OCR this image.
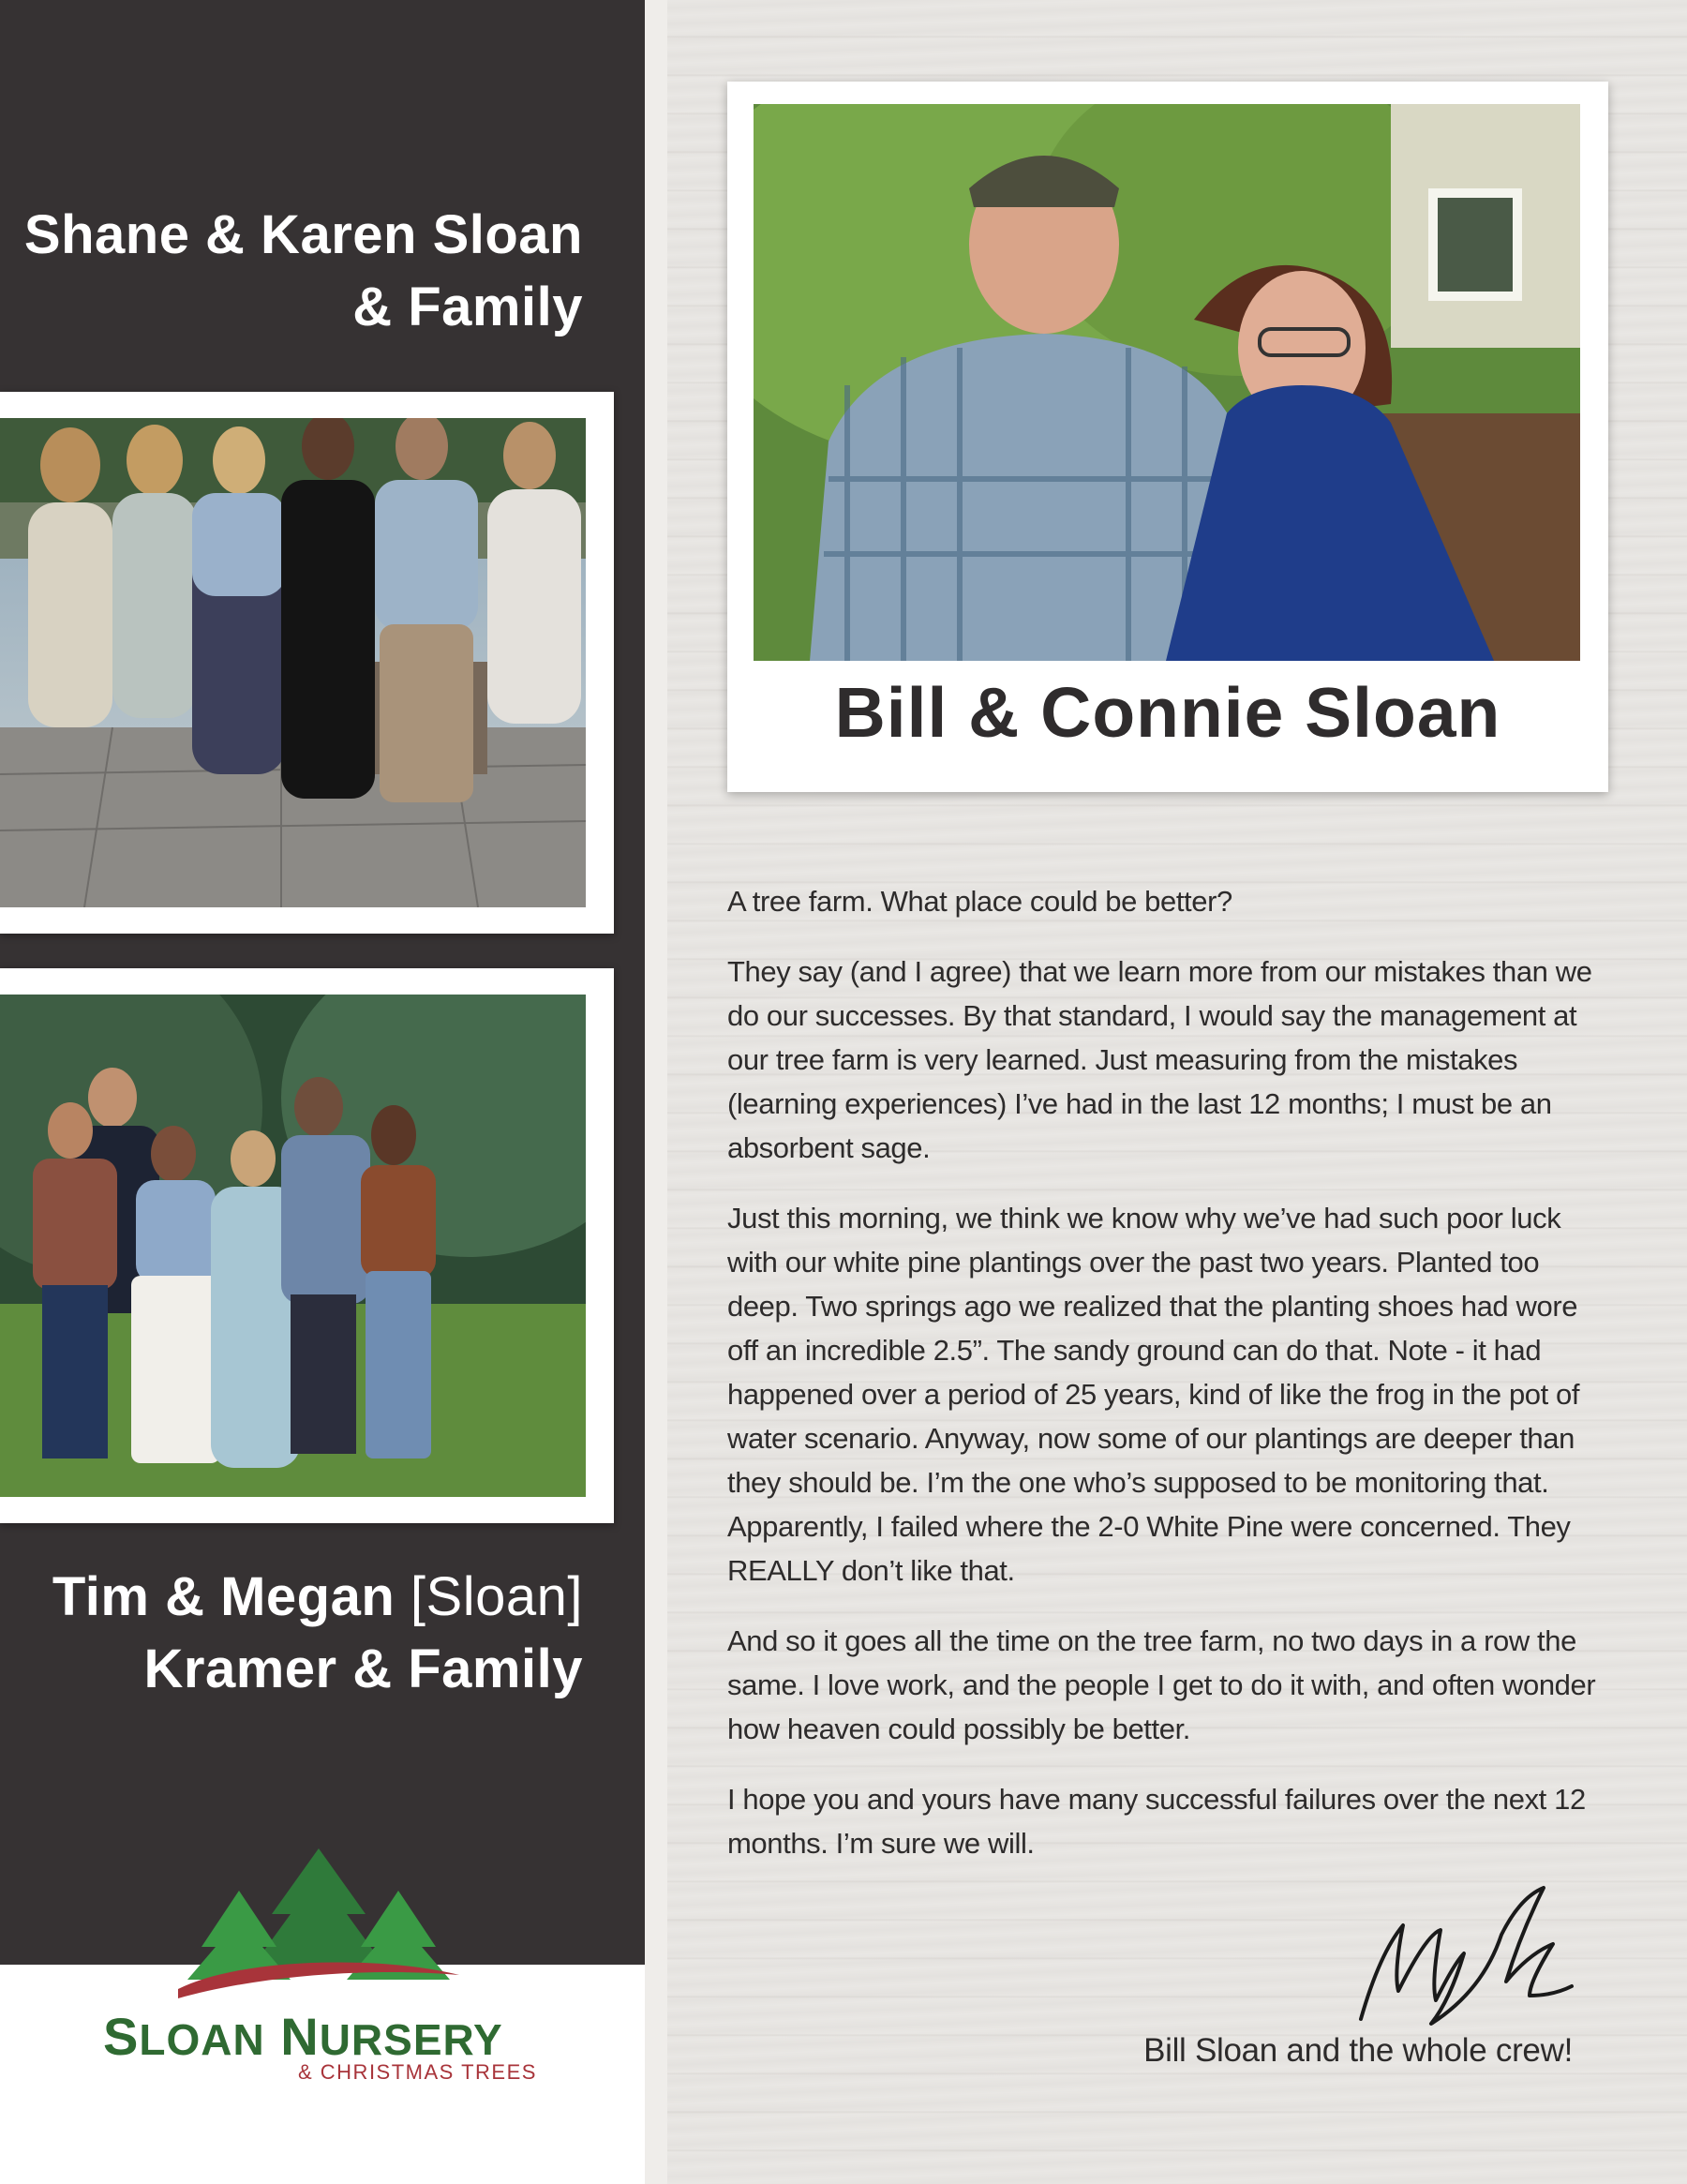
Shane & Karen Sloan
& Family
Tim & Megan [Sloan]
Kramer & Family
SLOAN NURSERY
& CHRISTMAS TREES
Bill & Connie Sloan

A tree farm. What place could be better?

They say (and I agree) that we learn more from our mistakes than we do our successes. By that standard, I would say the management at our tree farm is very learned. Just measuring from the mistakes (learning experiences) I’ve had in the last 12 months; I must be an absorbent sage.

Just this morning, we think we know why we’ve had such poor luck with our white pine plantings over the past two years. Planted too deep. Two springs ago we realized that the planting shoes had wore off an incredible 2.5”. The sandy ground can do that. Note - it had happened over a period of 25 years, kind of like the frog in the pot of water scenario. Anyway, now some of our plantings are deeper than they should be. I’m the one who’s supposed to be monitoring that. Apparently, I failed where the 2-0 White Pine were concerned. They REALLY don’t like that.

And so it goes all the time on the tree farm, no two days in a row the same. I love work, and the people I get to do it with, and often wonder how heaven could possibly be better.

I hope you and yours have many successful failures over the next 12 months. I’m sure we will.

Bill Sloan and the whole crew!
